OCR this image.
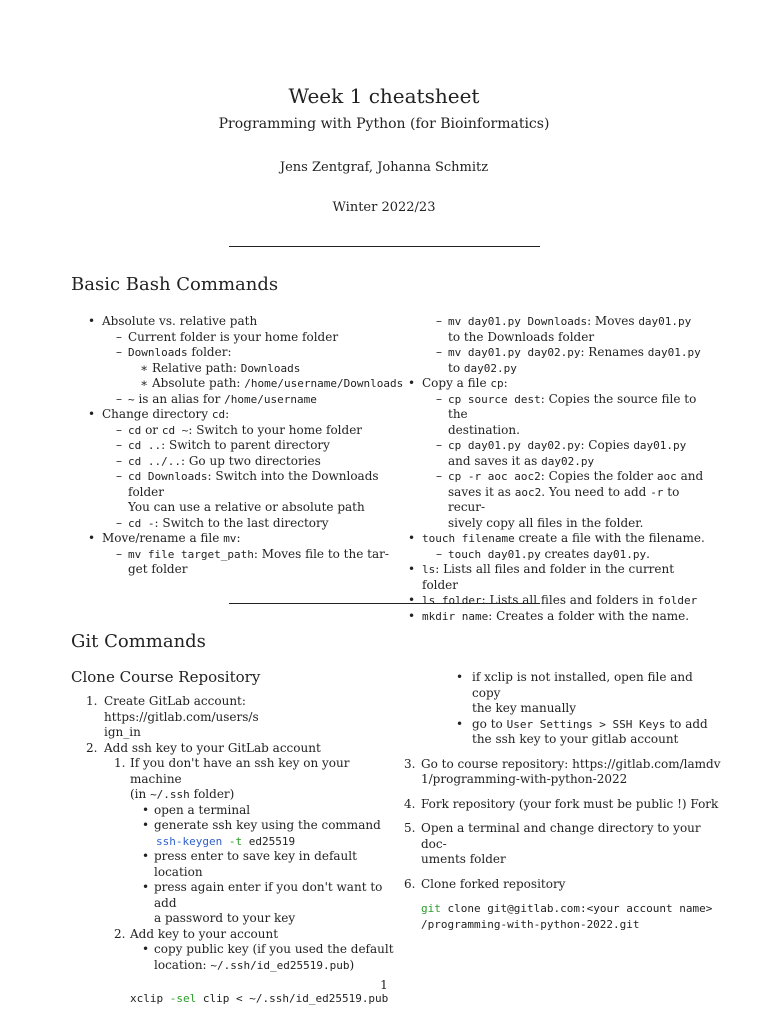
Week 1 cheatsheet
Programming with Python (for Bioinformatics)
Jens Zentgraf, Johanna Schmitz
Winter 2022/23
Basic Bash Commands
• Absolute vs. relative path
– Current folder is your home folder
– Downloads folder:
∗ Relative path: Downloads
∗ Absolute path: /home/username/Downloads
– ~ is an alias for /home/username
• Change directory cd:
– cd or cd ~: Switch to your home folder
– cd ..: Switch to parent directory
– cd ../..: Go up two directories
– cd Downloads: Switch into the Downloads
folder
You can use a relative or absolute path
– cd -: Switch to the last directory
• Move/rename a file mv:
– mv file target_path: Moves file to the tar-
get folder
– mv day01.py Downloads: Moves day01.py
to the Downloads folder
– mv day01.py day02.py: Renames day01.py
to day02.py
• Copy a file cp:
– cp source dest: Copies the source file to the
destination.
– cp day01.py day02.py: Copies day01.py
and saves it as day02.py
– cp -r aoc aoc2: Copies the folder aoc and
saves it as aoc2. You need to add -r to recur-
sively copy all files in the folder.
• touch filename create a file with the filename.
– touch day01.py creates day01.py.
• ls: Lists all files and folder in the current folder
• ls folder: Lists all files and folders in folder
• mkdir name: Creates a folder with the name.
Git Commands
Clone Course Repository
1. Create GitLab account: https://gitlab.com/users/s
ign_in
2. Add ssh key to your GitLab account
1. If you don't have an ssh key on your machine
(in ~/.ssh folder)
• open a terminal
• generate ssh key using the command
ssh-keygen -t ed25519
• press enter to save key in default location
• press again enter if you don't want to add
a password to your key
2. Add key to your account
• copy public key (if you used the default
location: ~/.ssh/id_ed25519.pub)
xclip -sel clip < ~/.ssh/id_ed25519.pub
• if xclip is not installed, open file and copy
the key manually
• go to User Settings > SSH Keys to add
the ssh key to your gitlab account
3. Go to course repository: https://gitlab.com/lamdv
1/programming-with-python-2022
4. Fork repository (your fork must be public !) Fork
5. Open a terminal and change directory to your doc-
uments folder
6. Clone forked repository
git clone git@gitlab.com:<your account name>
/programming-with-python-2022.git
1
